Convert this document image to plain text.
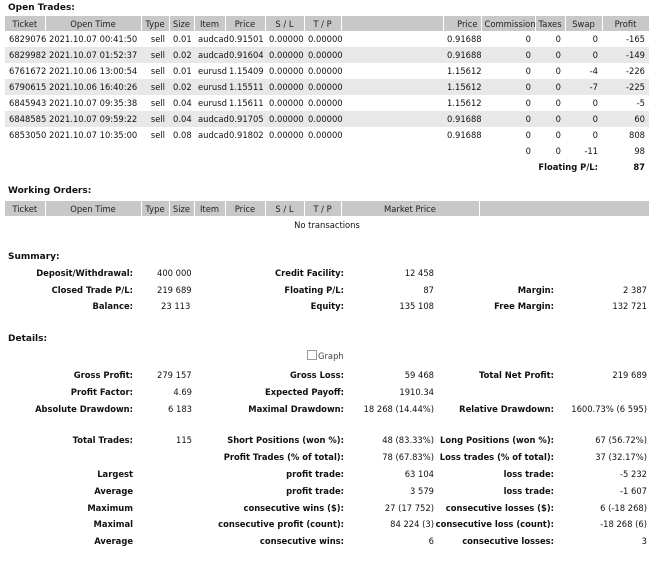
Open Trades:
Ticket	Open Time	Type	Size	Item	Price	S / L	T / P		Price	Commission	Taxes	Swap	Profit
6829076	2021.10.07 00:41:50	sell	0.01	audcad	0.91501	0.00000	0.00000		0.91688	0	0	0	-165
6829982	2021.10.07 01:52:37	sell	0.02	audcad	0.91604	0.00000	0.00000		0.91688	0	0	0	-149
6761672	2021.10.06 13:00:54	sell	0.01	eurusd	1.15409	0.00000	0.00000		1.15612	0	0	-4	-226
6790615	2021.10.06 16:40:26	sell	0.02	eurusd	1.15511	0.00000	0.00000		1.15612	0	0	-7	-225
6845943	2021.10.07 09:35:38	sell	0.04	eurusd	1.15611	0.00000	0.00000		1.15612	0	0	0	-5
6848585	2021.10.07 09:59:22	sell	0.04	audcad	0.91705	0.00000	0.00000		0.91688	0	0	0	60
6853050	2021.10.07 10:35:00	sell	0.08	audcad	0.91802	0.00000	0.00000		0.91688	0	0	0	808
										0	0	-11	98
										Floating P/L:			87
Working Orders:
Ticket	Open Time	Type	Size	Item	Price	S / L	T / P	Market Price	
No transactions
Summary:
Deposit/Withdrawal:	400 000	Credit Facility:	12 458
Closed Trade P/L:	219 689	Floating P/L:	87	Margin:	2 387
Balance:	23 113	Equity:	135 108	Free Margin:	132 721
Details:
Graph
Gross Profit:	279 157	Gross Loss:	59 468	Total Net Profit:	219 689
Profit Factor:	4.69	Expected Payoff:	1910.34
Absolute Drawdown:	6 183	Maximal Drawdown: 18 268 (14.44%)	Relative Drawdown: 1600.73% (6 595)
Total Trades:	115	Short Positions (won %):	48 (83.33%) Long Positions (won %):	67 (56.72%)
Profit Trades (% of total):	78 (67.83%) Loss trades (% of total):	37 (32.17%)
Largest	profit trade:	63 104	loss trade:	-5 232
Average	profit trade:	3 579	loss trade:	-1 607
Maximum	consecutive wins ($):	27 (17 752) consecutive losses ($):	6 (-18 268)
Maximal	consecutive profit (count):	84 224 (3) consecutive loss (count):	-18 268 (6)
Average	consecutive wins:	6	consecutive losses:	3
